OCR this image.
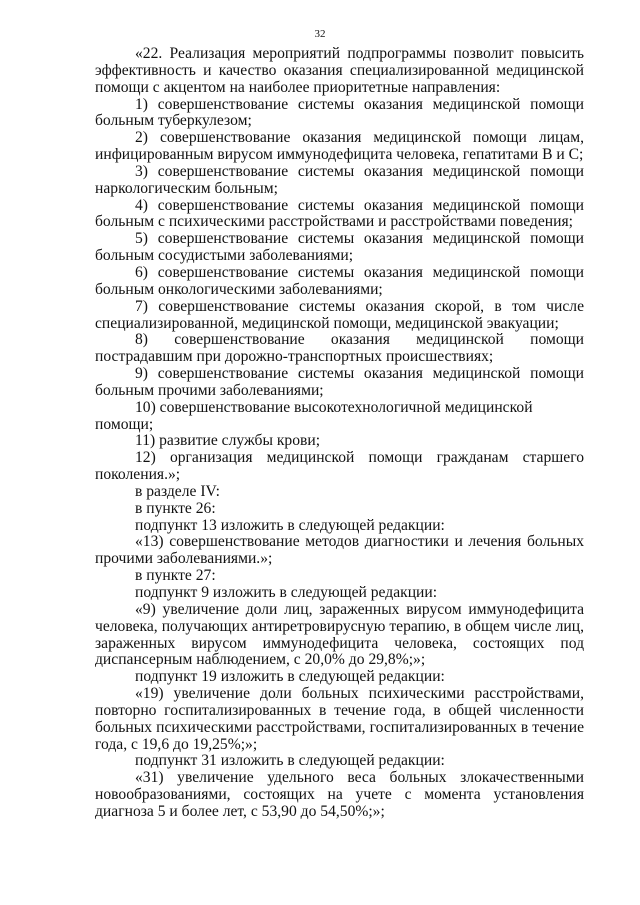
32

«22. Реализация мероприятий подпрограммы позволит повысить эффективность и качество оказания специализированной медицинской помощи с акцентом на наиболее приоритетные направления:

1) совершенствование системы оказания медицинской помощи больным туберкулезом;

2) совершенствование оказания медицинской помощи лицам, инфицированным вирусом иммунодефицита человека, гепатитами B и C;

3) совершенствование системы оказания медицинской помощи наркологическим больным;

4) совершенствование системы оказания медицинской помощи больным с психическими расстройствами и расстройствами поведения;

5) совершенствование системы оказания медицинской помощи больным сосудистыми заболеваниями;

6) совершенствование системы оказания медицинской помощи больным онкологическими заболеваниями;

7) совершенствование системы оказания скорой, в том числе специализированной, медицинской помощи, медицинской эвакуации;

8) совершенствование оказания медицинской помощи пострадавшим при дорожно-транспортных происшествиях;

9) совершенствование системы оказания медицинской помощи больным прочими заболеваниями;

10) совершенствование высокотехнологичной медицинской помощи;

11) развитие службы крови;

12) организация медицинской помощи гражданам старшего поколения.»;

в разделе IV:

в пункте 26:

подпункт 13 изложить в следующей редакции:

«13) совершенствование методов диагностики и лечения больных прочими заболеваниями.»;

в пункте 27:

подпункт 9 изложить в следующей редакции:

«9) увеличение доли лиц, зараженных вирусом иммунодефицита человека, получающих антиретровирусную терапию, в общем числе лиц, зараженных вирусом иммунодефицита человека, состоящих под диспансерным наблюдением, с 20,0% до 29,8%;»;

подпункт 19 изложить в следующей редакции:

«19) увеличение доли больных психическими расстройствами, повторно госпитализированных в течение года, в общей численности больных психическими расстройствами, госпитализированных в течение года, с 19,6 до 19,25%;»;

подпункт 31 изложить в следующей редакции:

«31) увеличение удельного веса больных злокачественными новообразованиями, состоящих на учете с момента установления диагноза 5 и более лет, с 53,90 до 54,50%;»;
